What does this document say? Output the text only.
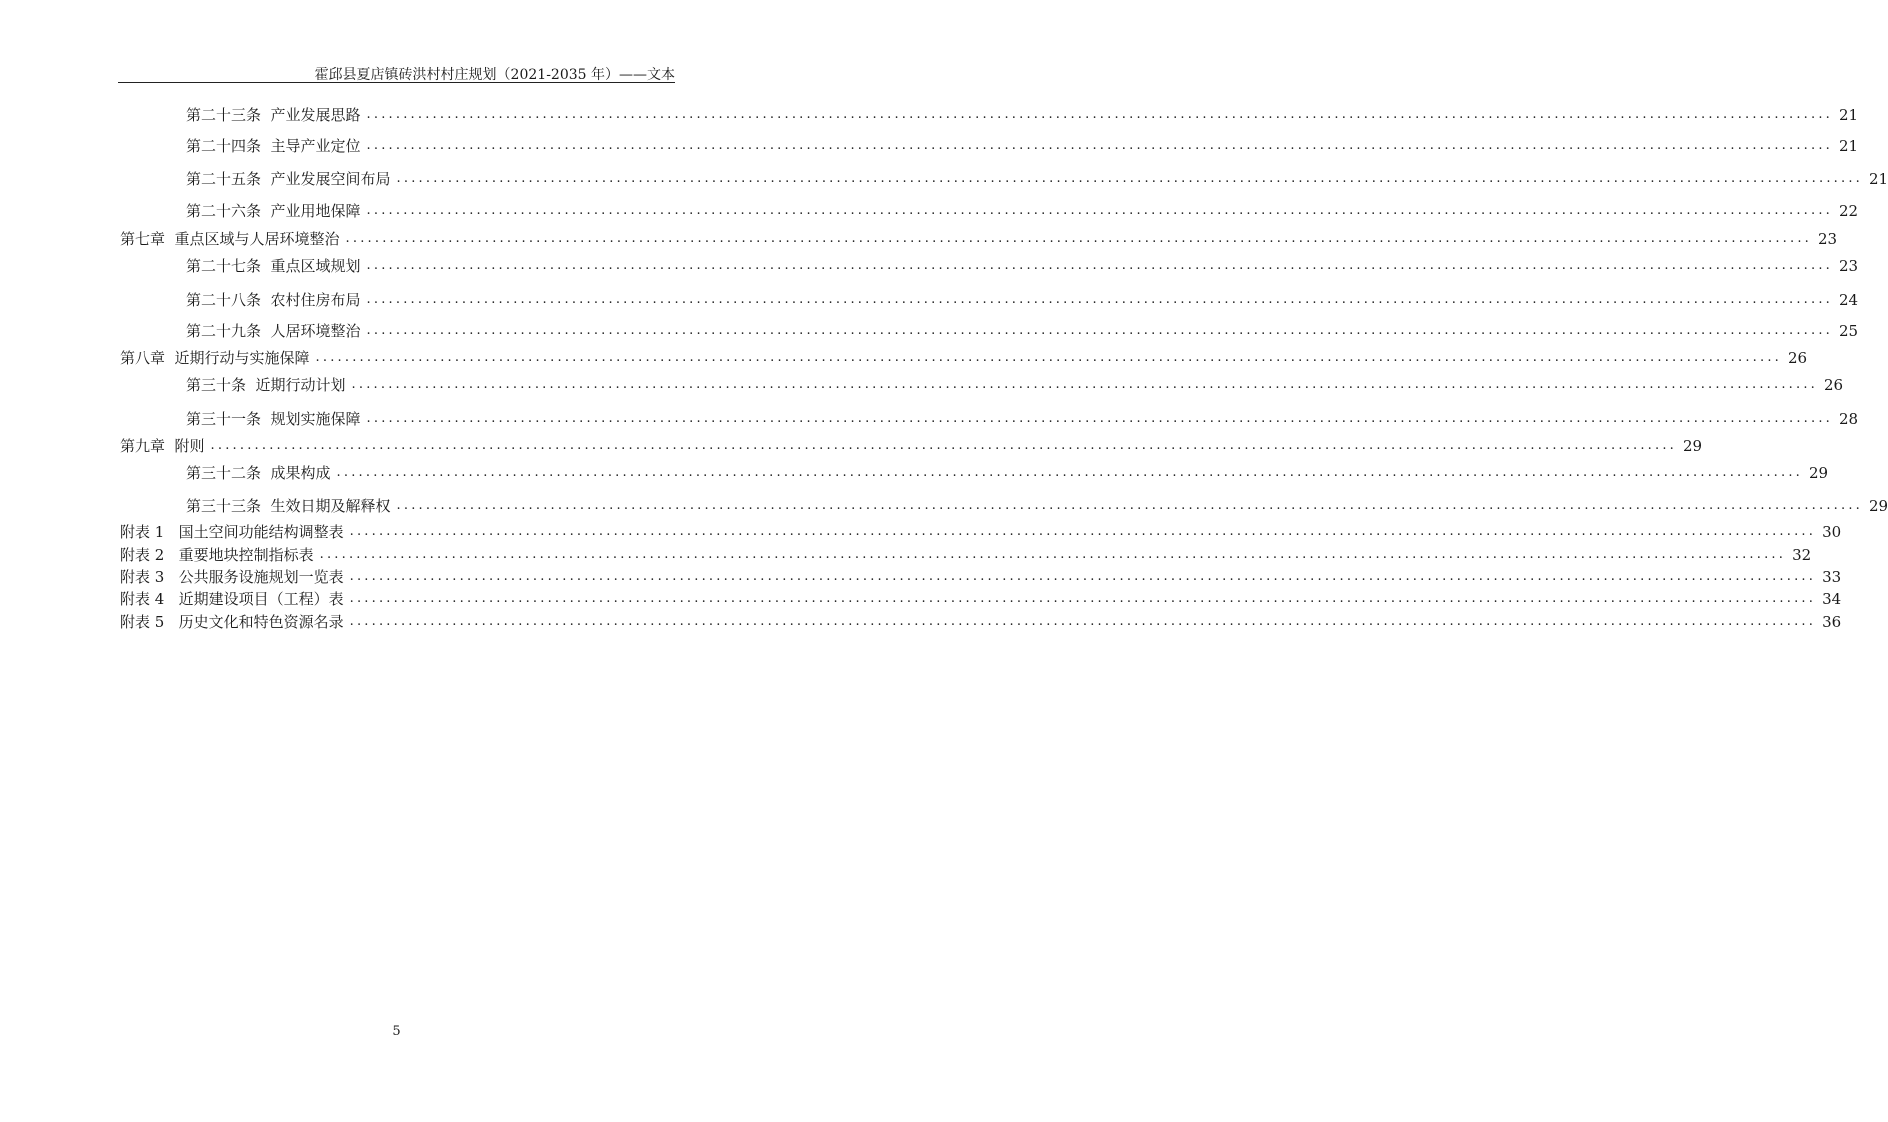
霍邱县夏店镇砖洪村村庄规划（2021-2035 年）——文本
第二十三条  产业发展思路 ........................................................................................................................................................................................................ 21
第二十四条  主导产业定位 ........................................................................................................................................................................................................ 21
第二十五条  产业发展空间布局 ........................................................................................................................................................................................................ 21
第二十六条  产业用地保障 ........................................................................................................................................................................................................ 22
第七章  重点区域与人居环境整治 ........................................................................................................................................................................................................ 23
第二十七条  重点区域规划 ........................................................................................................................................................................................................ 23
第二十八条  农村住房布局 ........................................................................................................................................................................................................ 24
第二十九条  人居环境整治 ........................................................................................................................................................................................................ 25
第八章  近期行动与实施保障 ........................................................................................................................................................................................................ 26
第三十条  近期行动计划 ........................................................................................................................................................................................................ 26
第三十一条  规划实施保障 ........................................................................................................................................................................................................ 28
第九章  附则 ........................................................................................................................................................................................................ 29
第三十二条  成果构成 ........................................................................................................................................................................................................ 29
第三十三条  生效日期及解释权 ........................................................................................................................................................................................................ 29
附表 1   国土空间功能结构调整表 ........................................................................................................................................................................................................ 30
附表 2   重要地块控制指标表 ........................................................................................................................................................................................................ 32
附表 3   公共服务设施规划一览表 ........................................................................................................................................................................................................ 33
附表 4   近期建设项目（工程）表 ........................................................................................................................................................................................................ 34
附表 5   历史文化和特色资源名录 ........................................................................................................................................................................................................ 36
5
